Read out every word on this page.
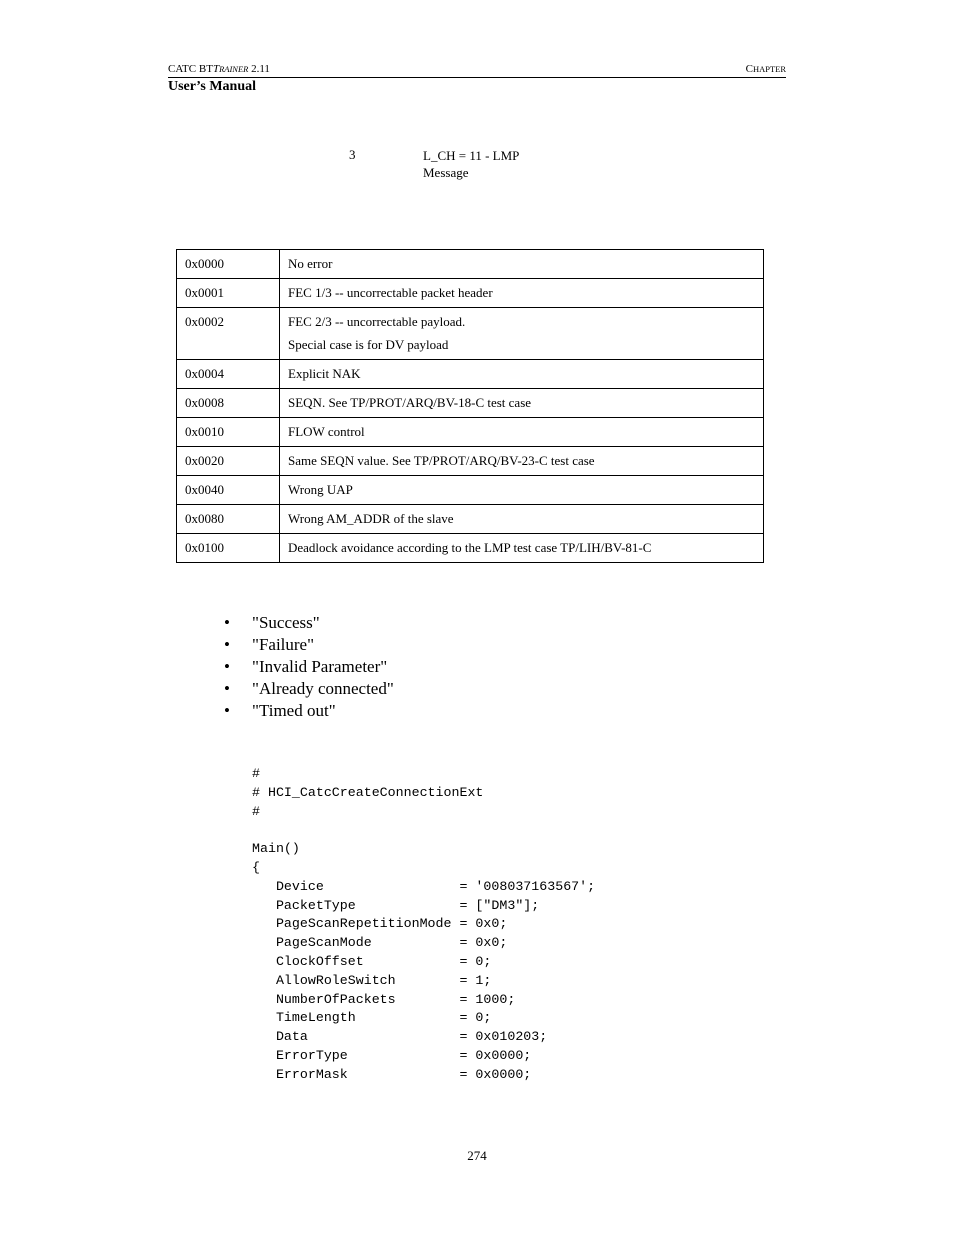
CATC BTTRAINER 2.11	CHAPTER
User’s Manual
3	L_CH = 11 - LMP Message
0x0000	No error

0x0001	FEC 1/3 -- uncorrectable packet header

0x0002	FEC 2/3 -- uncorrectable payload.

Special case is for DV payload

0x0004	Explicit NAK

0x0008	SEQN. See TP/PROT/ARQ/BV-18-C test case

0x0010	FLOW control

0x0020	Same SEQN value. See TP/PROT/ARQ/BV-23-C test case

0x0040	Wrong UAP

0x0080	Wrong AM_ADDR of the slave

0x0100	Deadlock avoidance according to the LMP test case TP/LIH/BV-81-C

• "Success"
• "Failure"
• "Invalid Parameter"
• "Already connected"
• "Timed out"
#
# HCI_CatcCreateConnectionExt
#

Main()
{
Device                 = '008037163567';
PacketType             = ["DM3"];
PageScanRepetitionMode = 0x0;
PageScanMode           = 0x0;
ClockOffset            = 0;
AllowRoleSwitch        = 1;
NumberOfPackets        = 1000;
TimeLength             = 0;
Data                   = 0x010203;
ErrorType              = 0x0000;
ErrorMask              = 0x0000;
274
